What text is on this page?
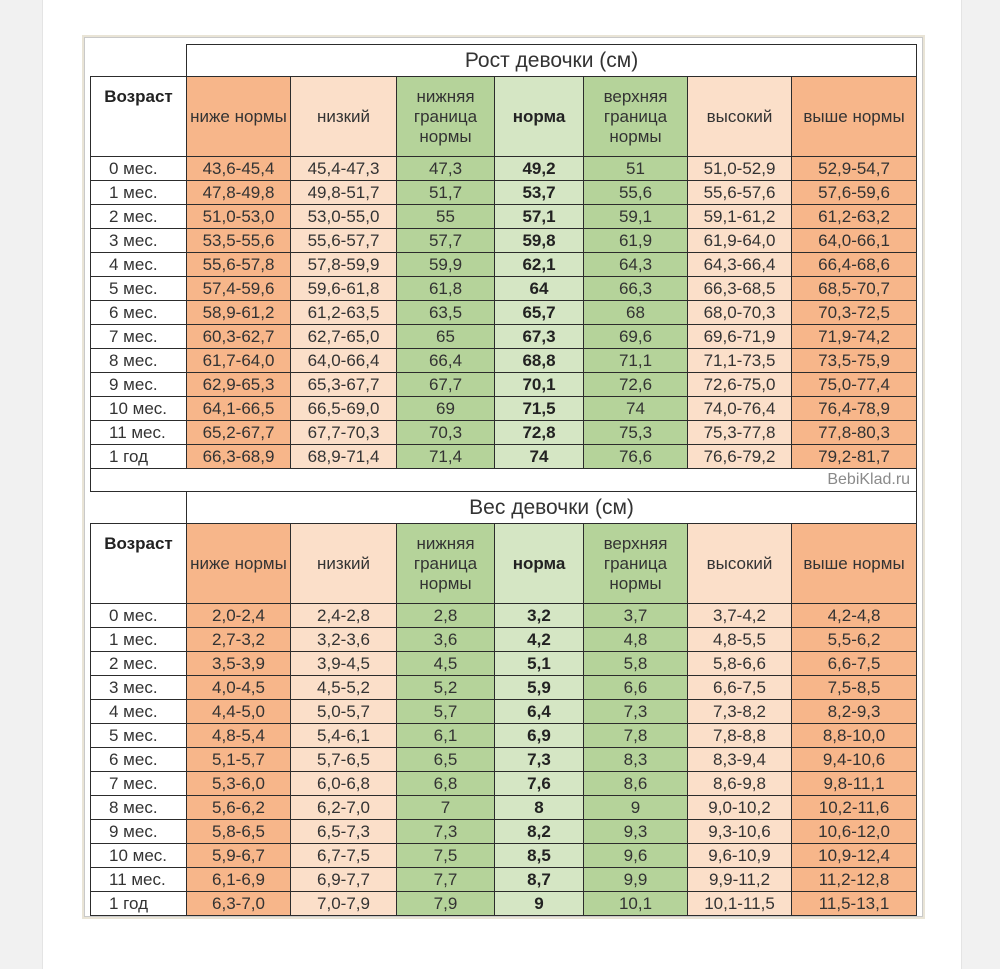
	Рост девочки (см)						
Возраст	ниже нормы	низкий	нижняя граница нормы	норма	верхняя граница нормы	высокий	выше нормы
0 мес.	43,6-45,4	45,4-47,3	47,3	49,2	51	51,0-52,9	52,9-54,7
1 мес.	47,8-49,8	49,8-51,7	51,7	53,7	55,6	55,6-57,6	57,6-59,6
2 мес.	51,0-53,0	53,0-55,0	55	57,1	59,1	59,1-61,2	61,2-63,2
3 мес.	53,5-55,6	55,6-57,7	57,7	59,8	61,9	61,9-64,0	64,0-66,1
4 мес.	55,6-57,8	57,8-59,9	59,9	62,1	64,3	64,3-66,4	66,4-68,6
5 мес.	57,4-59,6	59,6-61,8	61,8	64	66,3	66,3-68,5	68,5-70,7
6 мес.	58,9-61,2	61,2-63,5	63,5	65,7	68	68,0-70,3	70,3-72,5
7 мес.	60,3-62,7	62,7-65,0	65	67,3	69,6	69,6-71,9	71,9-74,2
8 мес.	61,7-64,0	64,0-66,4	66,4	68,8	71,1	71,1-73,5	73,5-75,9
9 мес.	62,9-65,3	65,3-67,7	67,7	70,1	72,6	72,6-75,0	75,0-77,4
10 мес.	64,1-66,5	66,5-69,0	69	71,5	74	74,0-76,4	76,4-78,9
11 мес.	65,2-67,7	67,7-70,3	70,3	72,8	75,3	75,3-77,8	77,8-80,3
1 год	66,3-68,9	68,9-71,4	71,4	74	76,6	76,6-79,2	79,2-81,7
						BebiKlad.ru	
	Вес девочки (см)						
Возраст	ниже нормы	низкий	нижняя граница нормы	норма	верхняя граница нормы	высокий	выше нормы
0 мес.	2,0-2,4	2,4-2,8	2,8	3,2	3,7	3,7-4,2	4,2-4,8
1 мес.	2,7-3,2	3,2-3,6	3,6	4,2	4,8	4,8-5,5	5,5-6,2
2 мес.	3,5-3,9	3,9-4,5	4,5	5,1	5,8	5,8-6,6	6,6-7,5
3 мес.	4,0-4,5	4,5-5,2	5,2	5,9	6,6	6,6-7,5	7,5-8,5
4 мес.	4,4-5,0	5,0-5,7	5,7	6,4	7,3	7,3-8,2	8,2-9,3
5 мес.	4,8-5,4	5,4-6,1	6,1	6,9	7,8	7,8-8,8	8,8-10,0
6 мес.	5,1-5,7	5,7-6,5	6,5	7,3	8,3	8,3-9,4	9,4-10,6
7 мес.	5,3-6,0	6,0-6,8	6,8	7,6	8,6	8,6-9,8	9,8-11,1
8 мес.	5,6-6,2	6,2-7,0	7	8	9	9,0-10,2	10,2-11,6
9 мес.	5,8-6,5	6,5-7,3	7,3	8,2	9,3	9,3-10,6	10,6-12,0
10 мес.	5,9-6,7	6,7-7,5	7,5	8,5	9,6	9,6-10,9	10,9-12,4
11 мес.	6,1-6,9	6,9-7,7	7,7	8,7	9,9	9,9-11,2	11,2-12,8
1 год	6,3-7,0	7,0-7,9	7,9	9	10,1	10,1-11,5	11,5-13,1
